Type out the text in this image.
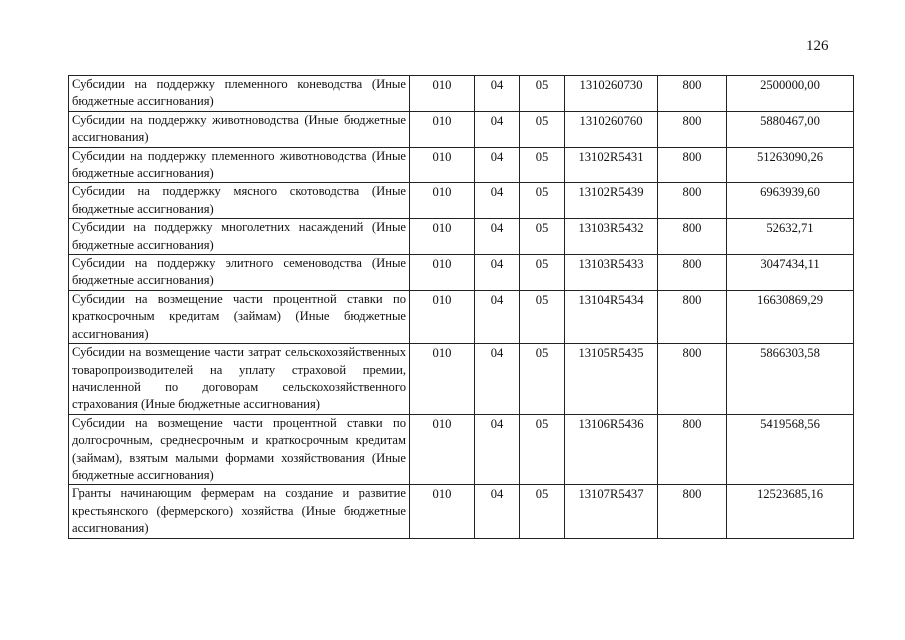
126
Субсидии на поддержку племенного коневодства (Иные бюджетные ассигнования)	010	04	05	1310260730	800	2500000,00
Субсидии на поддержку животноводства (Иные бюджетные ассигнования)	010	04	05	1310260760	800	5880467,00
Субсидии на поддержку племенного животноводства (Иные бюджетные ассигнования)	010	04	05	13102R5431	800	51263090,26
Субсидии на поддержку мясного скотоводства (Иные бюджетные ассигнования)	010	04	05	13102R5439	800	6963939,60
Субсидии на поддержку многолетних насаждений (Иные бюджетные ассигнования)	010	04	05	13103R5432	800	52632,71
Субсидии на поддержку элитного семеноводства (Иные бюджетные ассигнования)	010	04	05	13103R5433	800	3047434,11
Субсидии на возмещение части процентной ставки по краткосрочным кредитам (займам) (Иные бюджетные ассигнования)	010	04	05	13104R5434	800	16630869,29
Субсидии на возмещение части затрат сельскохозяйственных товаропроизводителей на уплату страховой премии, начисленной по договорам сельскохозяйственного страхования (Иные бюджетные ассигнования)	010	04	05	13105R5435	800	5866303,58
Субсидии на возмещение части процентной ставки по долгосрочным, среднесрочным и краткосрочным кредитам (займам), взятым малыми формами хозяйствования (Иные бюджетные ассигнования)	010	04	05	13106R5436	800	5419568,56
Гранты начинающим фермерам на создание и развитие крестьянского (фермерского) хозяйства (Иные бюджетные ассигнования)	010	04	05	13107R5437	800	12523685,16
